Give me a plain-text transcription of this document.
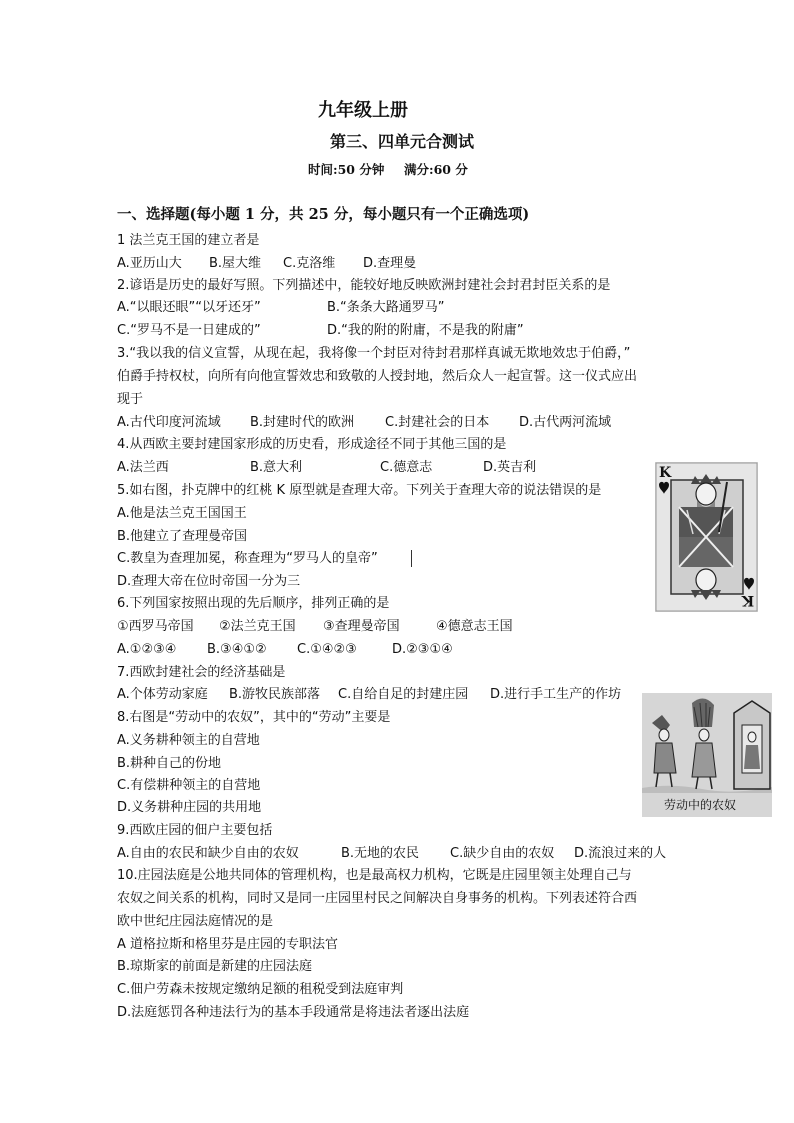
九年级上册
第三、四单元合测试
时间:50 分钟 满分:60 分
一、选择题(每小题 1 分，共 25 分，每小题只有一个正确选项)
1 法兰克王国的建立者是
A.亚历山大 B.屋大维 C.克洛维 D.查理曼
2.谚语是历史的最好写照。下列描述中，能较好地反映欧洲封建社会封君封臣关系的是
A.“以眼还眼”“以牙还牙”	B.“条条大路通罗马”
C.“罗马不是一日建成的”	D.“我的附的附庸，不是我的附庸”
3.“我以我的信义宣誓，从现在起，我将像一个封臣对待封君那样真诚无欺地效忠于伯爵，”
伯爵手持权杖，向所有向他宣誓效忠和致敬的人授封地，然后众人一起宣誓。这一仪式应出
现于
A.古代印度河流域 B.封建时代的欧洲 C.封建社会的日本 D.古代两河流域
4.从西欧主要封建国家形成的历史看，形成途径不同于其他三国的是
A.法兰西	B.意大利	C.德意志	D.英吉利
5.如右图，扑克牌中的红桃 K 原型就是查理大帝。下列关于查理大帝的说法错误的是
A.他是法兰克王国国王
B.他建立了查理曼帝国
C.教皇为查理加冕，称查理为“罗马人的皇帝”
D.查理大帝在位时帝国一分为三
K
K
6.下列国家按照出现的先后顺序，排列正确的是
①西罗马帝国 ②法兰克王国 ③查理曼帝国	④德意志王国
A.①②③④ B.③④①② C.①④②③	D.②③①④
7.西欧封建社会的经济基础是
A.个体劳动家庭 B.游牧民族部落 C.自给自足的封建庄园 D.进行手工生产的作坊
8.右图是“劳动中的农奴”，其中的“劳动”主要是
A.义务耕种领主的自营地
B.耕种自己的份地
C.有偿耕种领主的自营地
D.义务耕种庄园的共用地	劳动中的农奴
9.西欧庄园的佃户主要包括
A.自由的农民和缺少自由的农奴	B.无地的农民 C.缺少自由的农奴 D.流浪过来的人
10.庄园法庭是公地共同体的管理机构，也是最高权力机构，它既是庄园里领主处理自己与
农奴之间关系的机构，同时又是同一庄园里村民之间解决自身事务的机构。下列表述符合西
欧中世纪庄园法庭情况的是
A 道格拉斯和格里芬是庄园的专职法官
B.琼斯家的前面是新建的庄园法庭
C.佃户劳森未按规定缴纳足额的租税受到法庭审判
D.法庭惩罚各种违法行为的基本手段通常是将违法者逐出法庭
